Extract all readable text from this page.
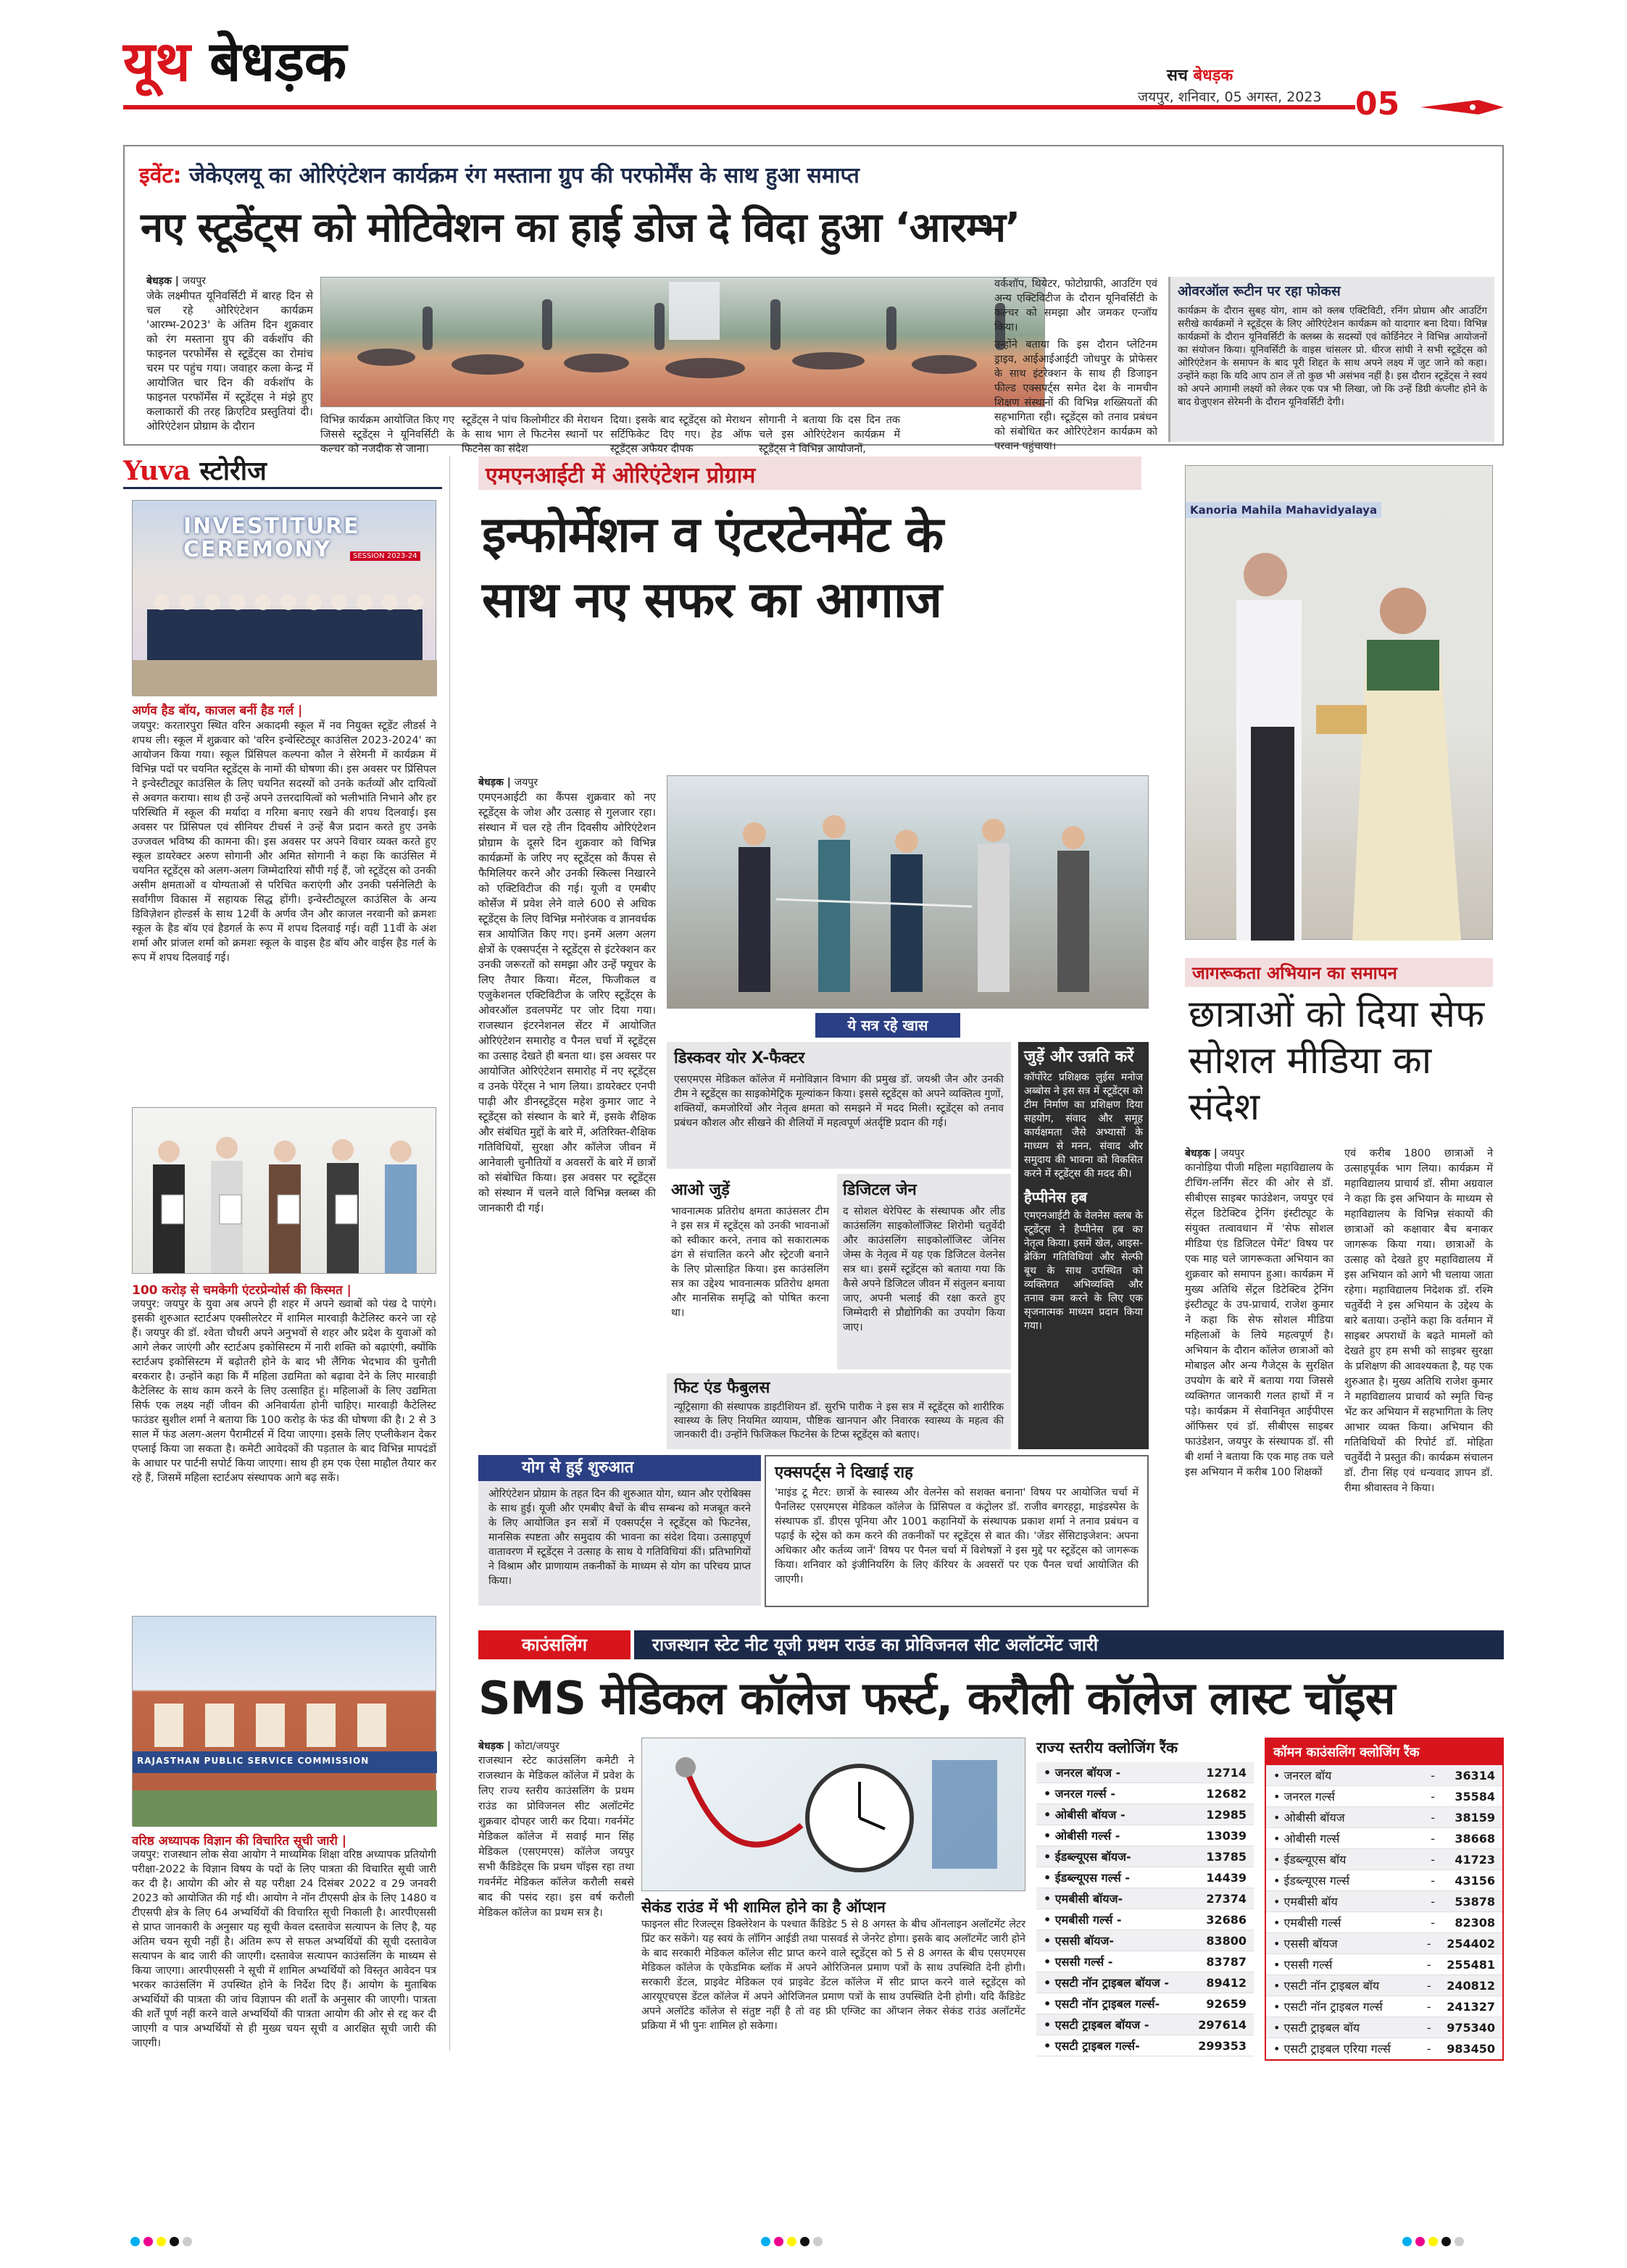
यूथ बेधड़क	सच बेधड़क
जयपुर, शनिवार, 05 अगस्त, 2023 05
इवेंट: जेकेएलयू का ओरिएंटेशन कार्यक्रम रंग मस्ताना ग्रुप की परफोर्मेंस के साथ हुआ समाप्त
नए स्टूडेंट्स को मोटिवेशन का हाई डोज दे विदा हुआ ‘आरम्भ’
बेधड़क | जयपुर
जेके लक्ष्मीपत यूनिवर्सिटी में बारह दिन से चल रहे ओरिएंटेशन कार्यक्रम 'आरम्भ-2023' के अंतिम दिन शुक्रवार को रंग मस्ताना ग्रुप की वर्कशॉप की फाइनल परफोर्मेंस से स्टूडेंट्स का रोमांच चरम पर पहुंच गया। जवाहर कला केन्द्र में आयोजित चार दिन की वर्कशॉप के फाइनल परफॉर्मेंस में स्टूडेंट्स ने मंझे हुए कलाकारों की तरह क्रिएटिव प्रस्तुतियां दी। ओरिएंटेशन प्रोग्राम के दौरान	विभिन्न कार्यक्रम आयोजित किए गए जिससे स्टूडेंट्स ने यूनिवर्सिटी के कल्चर को नजदीक से जाना।
स्टूडेंट्स ने पांच किलोमीटर की मेराथन के साथ भाग ले फिटनेस स्थानों पर फिटनेस का संदेश
दिया। इसके बाद स्टूडेंट्स को मेराथन सर्टिफिकेट दिए गए। हेड ऑफ स्टूडेंट्स अफेयर दीपक
सोगानी ने बताया कि दस दिन तक चले इस ओरिएंटेशन कार्यक्रम में स्टूडेंट्स ने विभिन्न आयोजनों,

वर्कशॉप, थियेटर, फोटोग्राफी, आउटिंग एवं अन्य एक्टिविटीज के दौरान यूनिवर्सिटी के कल्चर को समझा और जमकर एन्जॉय किया।

उन्होंने बताया कि इस दौरान प्लेटिनम ड्राइव, आईआईआईटी जोधपुर के प्रोफेसर के साथ इंटरेक्शन के साथ ही डिजाइन फील्ड एक्सपर्ट्स समेत देश के नामचीन शिक्षण संस्थानों की विभिन्न शख्सियतों की सहभागिता रही। स्टूडेंट्स को तनाव प्रबंधन को संबोधित कर ओरिएंटेशन कार्यक्रम को परवान पहुंचाया।

ओवरऑल रूटीन पर रहा फोकस
कार्यक्रम के दौरान सुबह योग, शाम को क्लब एक्टिविटी, रनिंग प्रोग्राम और आउटिंग सरीखे कार्यक्रमों ने स्टूडेंट्स के लिए ओरिएंटेशन कार्यक्रम को यादगार बना दिया। विभिन्न कार्यक्रमों के दौरान यूनिवर्सिटी के क्लब्स के सदस्यों एवं कोर्डिनेटर ने विभिन्न आयोजनों का संयोजन किया। यूनिवर्सिटी के वाइस चांसलर प्रो. धीरज सांघी ने सभी स्टूडेंट्स को ओरिएंटेशन के समापन के बाद पूरी शिद्दत के साथ अपने लक्ष्य में जुट जाने को कहा। उन्होंने कहा कि यदि आप ठान लें तो कुछ भी असंभव नहीं है। इस दौरान स्टूडेंट्स ने स्वयं को अपने आगामी लक्ष्यों को लेकर एक पत्र भी लिखा, जो कि उन्हें डिग्री कंप्लीट होने के बाद ग्रेजुएशन सेरेमनी के दौरान यूनिवर्सिटी देगी।
Yuva स्टोरीज
INVESTITURE CEREMONY	SESSION 2023-24
अर्णव हैड बॉय, काजल बनीं हैड गर्ल |
जयपुर: करतारपुरा स्थित वरिन अकादमी स्कूल में नव नियुक्त स्टूडेंट लीडर्स ने शपथ ली। स्कूल में शुक्रवार को 'वरिन इन्वेस्टिट्यूर काउंसिल 2023-2024' का आयोजन किया गया। स्कूल प्रिंसिपल कल्पना कौल ने सेरेमनी में कार्यक्रम में विभिन्न पदों पर चयनित स्टूडेंट्स के नामों की घोषणा की। इस अवसर पर प्रिंसिपल ने इन्वेस्टीट्यूर काउंसिल के लिए चयनित सदस्यों को उनके कर्तव्यों और दायित्वों से अवगत कराया। साथ ही उन्हें अपने उत्तरदायित्वों को भलीभांति निभाने और हर परिस्थिति में स्कूल की मर्यादा व गरिमा बनाए रखने की शपथ दिलवाई। इस अवसर पर प्रिंसिपल एवं सीनियर टीचर्स ने उन्हें बैज प्रदान करते हुए उनके उज्जवल भविष्य की कामना की। इस अवसर पर अपने विचार व्यक्त करते हुए स्कूल डायरेक्टर अरुण सोगानी और अमित सोगानी ने कहा कि काउंसिल में चयनित स्टूडेंट्स को अलग-अलग जिम्मेदारियां सौंपी गई हैं, जो स्टूडेंट्स को उनकी असीम क्षमताओं व योग्यताओं से परिचित कराएंगी और उनकी पर्सनेलिटी के सर्वांगीण विकास में सहायक सिद्ध होंगी। इन्वेस्टीट्यूरल काउंसिल के अन्य डिविज़ेशन होल्डर्स के साथ 12वीं के अर्णव जैन और काजल नरवानी को क्रमशः स्कूल के हैड बॉय एवं हैडगर्ल के रूप में शपथ दिलवाई गई। वहीं 11वीं के अंश शर्मा और प्रांजल शर्मा को क्रमशः स्कूल के वाइस हैड बॉय और वाईस हैड गर्ल के रूप में शपथ दिलवाई गई।
100 करोड़ से चमकेगी एंटरप्रेन्योर्स की किस्मत |
जयपुर: जयपुर के युवा अब अपने ही शहर में अपने ख्वाबों को पंख दे पाएंगे। इसकी शुरुआत स्टार्टअप एक्सीलरेटर में शामिल मारवाड़ी कैटेलिस्ट करने जा रहे हैं। जयपुर की डॉ. श्वेता चौधरी अपने अनुभवों से शहर और प्रदेश के युवाओं को आगे लेकर जाएंगी और स्टार्टअप इकोसिस्टम में नारी शक्ति को बढ़ाएंगी, क्योंकि स्टार्टअप इकोसिस्टम में बढ़ोतरी होने के बाद भी लैंगिक भेदभाव की चुनौती बरकरार है। उन्होंने कहा कि मैं महिला उद्यमिता को बढ़ावा देने के लिए मारवाड़ी कैटेलिस्ट के साथ काम करने के लिए उत्साहित हूं। महिलाओं के लिए उद्यमिता सिर्फ एक लक्ष्य नहीं जीवन की अनिवार्यता होनी चाहिए। मारवाड़ी कैटेलिस्ट फाउंडर सुशील शर्मा ने बताया कि 100 करोड़ के फंड की घोषणा की है। 2 से 3 साल में फंड अलग-अलग पैरामीटर्स में दिया जाएगा। इसके लिए एप्लीकेशन देकर एप्लाई किया जा सकता है। कमेटी आवेदकों की पड़ताल के बाद विभिन्न मापदंडों के आधार पर पार्टनी सपोर्ट किया जाएगा। साथ ही हम एक ऐसा माहौल तैयार कर रहे हैं, जिसमें महिला स्टार्टअप संस्थापक आगे बढ़ सकें।
RAJASTHAN PUBLIC SERVICE COMMISSION
वरिष्ठ अध्यापक विज्ञान की विचारित सूची जारी |
जयपुर: राजस्थान लोक सेवा आयोग ने माध्यमिक शिक्षा वरिष्ठ अध्यापक प्रतियोगी परीक्षा-2022 के विज्ञान विषय के पदों के लिए पात्रता की विचारित सूची जारी कर दी है। आयोग की ओर से यह परीक्षा 24 दिसंबर 2022 व 29 जनवरी 2023 को आयोजित की गई थी। आयोग ने नॉन टीएसपी क्षेत्र के लिए 1480 व टीएसपी क्षेत्र के लिए 64 अभ्यर्थियों की विचारित सूची निकाली है। आरपीएससी से प्राप्त जानकारी के अनुसार यह सूची केवल दस्तावेज सत्यापन के लिए है, यह अंतिम चयन सूची नहीं है। अंतिम रूप से सफल अभ्यर्थियों की सूची दस्तावेज सत्यापन के बाद जारी की जाएगी। दस्तावेज सत्यापन काउंसलिंग के माध्यम से किया जाएगा। आरपीएससी ने सूची में शामिल अभ्यर्थियों को विस्तृत आवेदन पत्र भरकर काउंसलिंग में उपस्थित होने के निर्देश दिए हैं। आयोग के मुताबिक अभ्यर्थियों की पात्रता की जांच विज्ञापन की शर्तों के अनुसार की जाएगी। पात्रता की शर्तें पूर्ण नहीं करने वाले अभ्यर्थियों की पात्रता आयोग की ओर से रद्द कर दी जाएगी व पात्र अभ्यर्थियों से ही मुख्य चयन सूची व आरक्षित सूची जारी की जाएगी।
एमएनआईटी में ओरिएंटेशन प्रोग्राम
इन्फोर्मेशन व एंटरटेनमेंट के
साथ नए सफर का आगाज
बेधड़क | जयपुर
एमएनआईटी का कैंपस शुक्रवार को नए स्टूडेंट्स के जोश और उत्साह से गुलजार रहा। संस्थान में चल रहे तीन दिवसीय ओरिएंटेशन प्रोग्राम के दूसरे दिन शुक्रवार को विभिन्न कार्यक्रमों के जरिए नए स्टूडेंट्स को कैंपस से फैमिलियर करने और उनकी स्किल्स निखारने को एक्टिविटीज की गई। यूजी व एमबीए कोर्सेज में प्रवेश लेने वाले 600 से अधिक स्टूडेंट्स के लिए विभिन्न मनोरंजक व ज्ञानवर्धक सत्र आयोजित किए गए। इनमें अलग अलग क्षेत्रों के एक्सपर्ट्स ने स्टूडेंट्स से इंटरेक्शन कर उनकी जरूरतों को समझा और उन्हें फ्यूचर के लिए तैयार किया। मेंटल, फिजीकल व एजुकेशनल एक्टिविटीज के जरिए स्टूडेंट्स के ओवरऑल डवलपमेंट पर जोर दिया गया। राजस्थान इंटरनेशनल सेंटर में आयोजित ओरिएंटेशन समारोह व पैनल चर्चा में स्टूडेंट्स का उत्साह देखते ही बनता था। इस अवसर पर आयोजित ओरिएंटेशन समारोह में नए स्टूडेंट्स व उनके पेरेंट्स ने भाग लिया। डायरेक्टर एनपी पाढ़ी और डीनस्टूडेंट्स महेश कुमार जाट ने स्टूडेंट्स को संस्थान के बारे में, इसके शैक्षिक और संबंधित मुद्दों के बारे में, अतिरिक्त-शैक्षिक गतिविधियों, सुरक्षा और कॉलेज जीवन में आनेवाली चुनौतियों व अवसरों के बारे में छात्रों को संबोधित किया। इस अवसर पर स्टूडेंट्स को संस्थान में चलने वाले विभिन्न क्लब्स की जानकारी दी गई।
ये सत्र रहे खास
डिस्कवर योर X-फैक्टर
एसएमएस मेडिकल कॉलेज में मनोविज्ञान विभाग की प्रमुख डॉ. जयश्री जैन और उनकी टीम ने स्टूडेंट्स का साइकोमेट्रिक मूल्यांकन किया। इससे स्टूडेंट्स को अपने व्यक्तित्व गुणों, शक्तियों, कमजोरियों और नेतृत्व क्षमता को समझने में मदद मिली। स्टूडेंट्स को तनाव प्रबंधन कौशल और सीखने की शैलियों में महत्वपूर्ण अंतर्दृष्टि प्रदान की गई।
आओ जुड़ें
भावनात्मक प्रतिरोध क्षमता काउंसलर टीम ने इस सत्र में स्टूडेंट्स को उनकी भावनाओं को स्वीकार करने, तनाव को सकारात्मक ढंग से संचालित करने और स्ट्रेटजी बनाने के लिए प्रोत्साहित किया। इस काउंसलिंग सत्र का उद्देश्य भावनात्मक प्रतिरोध क्षमता और मानसिक समृद्धि को पोषित करना था।
डिजिटल जेन
द सोशल थेरेपिस्ट के संस्थापक और लीड काउंसलिंग साइकोलॉजिस्ट शिरोमी चतुर्वेदी और काउंसलिंग साइकोलॉजिस्ट जेनिस जेम्स के नेतृत्व में यह एक डिजिटल वेलनेस सत्र था। इसमें स्टूडेंट्स को बताया गया कि कैसे अपने डिजिटल जीवन में संतुलन बनाया जाए, अपनी भलाई की रक्षा करते हुए जिम्मेदारी से प्रौद्योगिकी का उपयोग किया जाए।
फिट एंड फैबुलस
न्यूट्रिसागा की संस्थापक डाइटीशियन डॉ. सुरभि पारीक ने इस सत्र में स्टूडेंट्स को शारीरिक स्वास्थ्य के लिए नियमित व्यायाम, पौष्टिक खानपान और निवारक स्वास्थ्य के महत्व की जानकारी दी। उन्होंने फिजिकल फिटनेस के टिप्स स्टूडेंट्स को बताए।
जुड़ें और उन्नति करें
कॉर्पोरेट प्रशिक्षक लुईस मनोज अब्बोस ने इस सत्र में स्टूडेंट्स को टीम निर्माण का प्रशिक्षण दिया सहयोग, संवाद और समूह कार्यक्षमता जैसे अभ्यासों के माध्यम से मनन, संवाद और समुदाय की भावना को विकसित करने में स्टूडेंट्स की मदद की।
हैप्पीनेस हब
एमएनआईटी के वेलनेस क्लब के स्टूडेंट्स ने हैप्पीनेस हब का नेतृत्व किया। इसमें खेल, आइस-ब्रेकिंग गतिविधियां और सेल्फी बूथ के साथ उपस्थित को व्यक्तिगत अभिव्यक्ति और तनाव कम करने के लिए एक सृजनात्मक माध्यम प्रदान किया गया।
योग से हुई शुरुआत
ओरिएंटेशन प्रोग्राम के तहत दिन की शुरुआत योग, ध्यान और एरोबिक्स के साथ हुई। यूजी और एमबीए बैचों के बीच सम्बन्ध को मजबूत करने के लिए आयोजित इन सत्रों में एक्सपर्ट्स ने स्टूडेंट्स को फिटनेस, मानसिक स्पष्टता और समुदाय की भावना का संदेश दिया। उत्साहपूर्ण वातावरण में स्टूडेंट्स ने उत्साह के साथ ये गतिविधियां कीं। प्रतिभागियों ने विश्राम और प्राणायाम तकनीकों के माध्यम से योग का परिचय प्राप्त किया।
एक्सपर्ट्स ने दिखाई राह
'माइंड टू मैटर: छात्रों के स्वास्थ्य और वेलनेस को सशक्त बनाना' विषय पर आयोजित चर्चा में पैनलिस्ट एसएमएस मेडिकल कॉलेज के प्रिंसिपल व कंट्रोलर डॉ. राजीव बगरहट्टा, माइंडस्पेस के संस्थापक डॉ. डीएस पूनिया और 1001 कहानियों के संस्थापक प्रकाश शर्मा ने तनाव प्रबंधन व पढ़ाई के स्ट्रेस को कम करने की तकनीकों पर स्टूडेंट्स से बात की। 'जेंडर सेंसिटाइजेशन: अपना अधिकार और कर्तव्य जानें' विषय पर पैनल चर्चा में विशेषज्ञों ने इस मुद्दे पर स्टूडेंट्स को जागरूक किया। शनिवार को इंजीनियरिंग के लिए कॅरियर के अवसरों पर एक पैनल चर्चा आयोजित की जाएगी।
Kanoria Mahila Mahavidyalaya
जागरूकता अभियान का समापन
छात्राओं को दिया सेफ सोशल मीडिया का संदेश
बेधड़क | जयपुर
कानोड़िया पीजी महिला महाविद्यालय के टीचिंग-लर्निंग सेंटर की ओर से डॉ. सीबीएस साइबर फाउंडेशन, जयपुर एवं सेंट्रल डिटेक्टिव ट्रेनिंग इंस्टीट्यूट के संयुक्त तत्वावधान में 'सेफ सोशल मीडिया एंड डिजिटल पेमेंट' विषय पर एक माह चले जागरूकता अभियान का शुक्रवार को समापन हुआ। कार्यक्रम में मुख्य अतिथि सेंट्रल डिटेक्टिव ट्रेनिंग इंस्टीट्यूट के उप-प्राचार्य, राजेश कुमार ने कहा कि सेफ सोशल मीडिया महिलाओं के लिये महत्वपूर्ण है। अभियान के दौरान कॉलेज छात्राओं को मोबाइल और अन्य गैजेट्स के सुरक्षित उपयोग के बारे में बताया गया जिससे व्यक्तिगत जानकारी गलत हाथों में न पड़े। कार्यक्रम में सेवानिवृत आईपीएस ऑफिसर एवं डॉ. सीबीएस साइबर फाउंडेशन, जयपुर के संस्थापक डॉ. सी बी शर्मा ने बताया कि एक माह तक चले इस अभियान में करीब 100 शिक्षकों
एवं करीब 1800 छात्राओं ने उत्साहपूर्वक भाग लिया। कार्यक्रम में महाविद्यालय प्राचार्य डॉ. सीमा अग्रवाल ने कहा कि इस अभियान के माध्यम से महाविद्यालय के विभिन्न संकायों की छात्राओं को कक्षावार बैच बनाकर जागरूक किया गया। छात्राओं के उत्साह को देखते हुए महाविद्यालय में इस अभियान को आगे भी चलाया जाता रहेगा। महाविद्यालय निदेशक डॉ. रश्मि चतुर्वेदी ने इस अभियान के उद्देश्य के बारे बताया। उन्होंने कहा कि वर्तमान में साइबर अपराधों के बढ़ते मामलों को देखते हुए हम सभी को साइबर सुरक्षा के प्रशिक्षण की आवश्यकता है, यह एक शुरुआत है। मुख्य अतिथि राजेश कुमार ने महाविद्यालय प्राचार्य को स्मृति चिन्ह भेंट कर अभियान में सहभागिता के लिए आभार व्यक्त किया। अभियान की गतिविधियों की रिपोर्ट डॉ. मोहिता चतुर्वेदी ने प्रस्तुत की। कार्यक्रम संचालन डॉ. टीना सिंह एवं धन्यवाद ज्ञापन डॉ. रीमा श्रीवास्तव ने किया।
काउंसलिंग	राजस्थान स्टेट नीट यूजी प्रथम राउंड का प्रोविजनल सीट अलॉटमेंट जारी
SMS मेडिकल कॉलेज फर्स्ट, करौली कॉलेज लास्ट चॉइस
बेधड़क | कोटा/जयपुर
राजस्थान स्टेट काउंसलिंग कमेटी ने राजस्थान के मेडिकल कॉलेज में प्रवेश के लिए राज्य स्तरीय काउंसलिंग के प्रथम राउंड का प्रोविजनल सीट अलॉटमेंट शुक्रवार दोपहर जारी कर दिया। गवर्नमेंट मेडिकल कॉलेज में सवाई मान सिंह मेडिकल (एसएमएस) कॉलेज जयपुर सभी कैंडिडेट्स कि प्रथम चॉइस रहा तथा गवर्नमेंट मेडिकल कॉलेज करौली सबसे बाद की पसंद रहा। इस वर्ष करौली मेडिकल कॉलेज का प्रथम सत्र है।	सेकंड राउंड में भी शामिल होने का है ऑप्शन
फाइनल सीट रिजल्ट्स डिक्लेरेशन के पश्चात कैंडिडेट 5 से 8 अगस्त के बीच ऑनलाइन अलॉटमेंट लेटर प्रिंट कर सकेंगे। यह स्वयं के लॉगिन आईडी तथा पासवर्ड से जेनरेट होगा। इसके बाद अलॉटमेंट जारी होने के बाद सरकारी मेडिकल कॉलेज सीट प्राप्त करने वाले स्टूडेंट्स को 5 से 8 अगस्त के बीच एसएमएस मेडिकल कॉलेज के एकेडमिक ब्लॉक में अपने ओरिजिनल प्रमाण पत्रों के साथ उपस्थिति देनी होगी। सरकारी डेंटल, प्राइवेट मेडिकल एवं प्राइवेट डेंटल कॉलेज में सीट प्राप्त करने वाले स्टूडेंट्स को आरयूएचएस डेंटल कॉलेज में अपने ओरिजिनल प्रमाण पत्रों के साथ उपस्थिति देनी होगी। यदि कैंडिडेट अपने अलॉटेड कॉलेज से संतुष्ट नहीं है तो वह फ्री एग्जिट का ऑप्शन लेकर सेकंड राउंड अलॉटमेंट प्रक्रिया में भी पुनः शामिल हो सकेगा।
राज्य स्तरीय क्लोजिंग रैंक
• जनरल बॉयज -	12714
• जनरल गर्ल्स -	12682
• ओबीसी बॉयज -	12985
• ओबीसी गर्ल्स -	13039
• ईडब्ल्यूएस बॉयज-	13785
• ईडब्ल्यूएस गर्ल्स -	14439
• एमबीसी बॉयज-	27374
• एमबीसी गर्ल्स -	32686
• एससी बॉयज-	83800
• एससी गर्ल्स -	83787
• एसटी नॉन ट्राइबल बॉयज -	89412
• एसटी नॉन ट्राइबल गर्ल्स-	92659
• एसटी ट्राइबल बॉयज -	297614
• एसटी ट्राइबल गर्ल्स-	299353
कॉमन काउंसलिंग क्लोजिंग रैंक
• जनरल बॉय	- 36314
• जनरल गर्ल्स	- 35584
• ओबीसी बॉयज	- 38159
• ओबीसी गर्ल्स	- 38668
• ईडब्ल्यूएस बॉय	- 41723
• ईडब्ल्यूएस गर्ल्स	- 43156
• एमबीसी बॉय	- 53878
• एमबीसी गर्ल्स	- 82308
• एससी बॉयज	- 254402
• एससी गर्ल्स	- 255481
• एसटी नॉन ट्राइबल बॉय	- 240812
• एसटी नॉन ट्राइबल गर्ल्स	- 241327
• एसटी ट्राइबल बॉय	- 975340
• एसटी ट्राइबल एरिया गर्ल्स	- 983450
